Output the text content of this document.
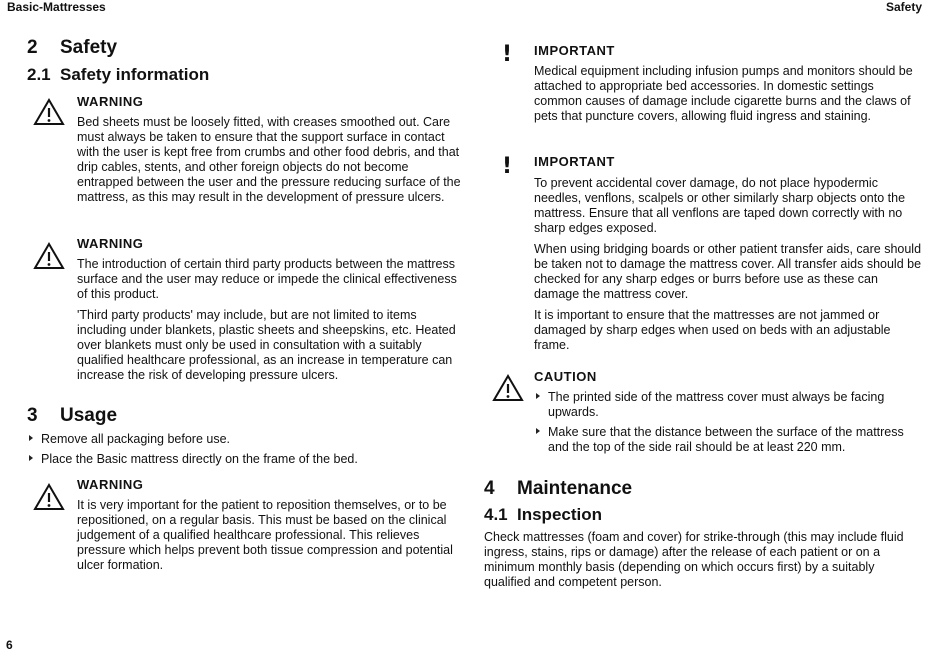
Basic-Mattresses	Safety
2 Safety
2.1 Safety information
WARNING

Bed sheets must be loosely fitted, with creases smoothed out. Care must always be taken to ensure that the support surface in contact with the user is kept free from crumbs and other food debris, and that drip cables, stents, and other foreign objects do not become entrapped between the user and the pressure reducing surface of the mattress, as this may result in the development of pressure ulcers.

WARNING

The introduction of certain third party products between the mattress surface and the user may reduce or impede the clinical effectiveness of this product.

'Third party products' may include, but are not limited to items including under blankets, plastic sheets and sheepskins, etc. Heated over blankets must only be used in consultation with a suitably qualified healthcare professional, as an increase in temperature can increase the risk of developing pressure ulcers.

3 Usage
Remove all packaging before use.
Place the Basic mattress directly on the frame of the bed.
WARNING

It is very important for the patient to reposition themselves, or to be repositioned, on a regular basis. This must be based on the clinical judgement of a qualified healthcare professional. This relieves pressure which helps prevent both tissue compression and potential ulcer formation.

! IMPORTANT

Medical equipment including infusion pumps and monitors should be attached to appropriate bed accessories. In domestic settings common causes of damage include cigarette burns and the claws of pets that puncture covers, allowing fluid ingress and staining.

! IMPORTANT

To prevent accidental cover damage, do not place hypodermic needles, venflons, scalpels or other similarly sharp objects onto the mattress. Ensure that all venflons are taped down correctly with no sharp edges exposed.

When using bridging boards or other patient transfer aids, care should be taken not to damage the mattress cover. All transfer aids should be checked for any sharp edges or burrs before use as these can damage the mattress cover.

It is important to ensure that the mattresses are not jammed or damaged by sharp edges when used on beds with an adjustable frame.

CAUTION
The printed side of the mattress cover must always be facing upwards.
Make sure that the distance between the surface of the mattress and the top of the side rail should be at least 220 mm.
4 Maintenance
4.1 Inspection

Check mattresses (foam and cover) for strike-through (this may include fluid ingress, stains, rips or damage) after the release of each patient or on a minimum monthly basis (depending on which occurs first) by a suitably qualified and competent person.

6
